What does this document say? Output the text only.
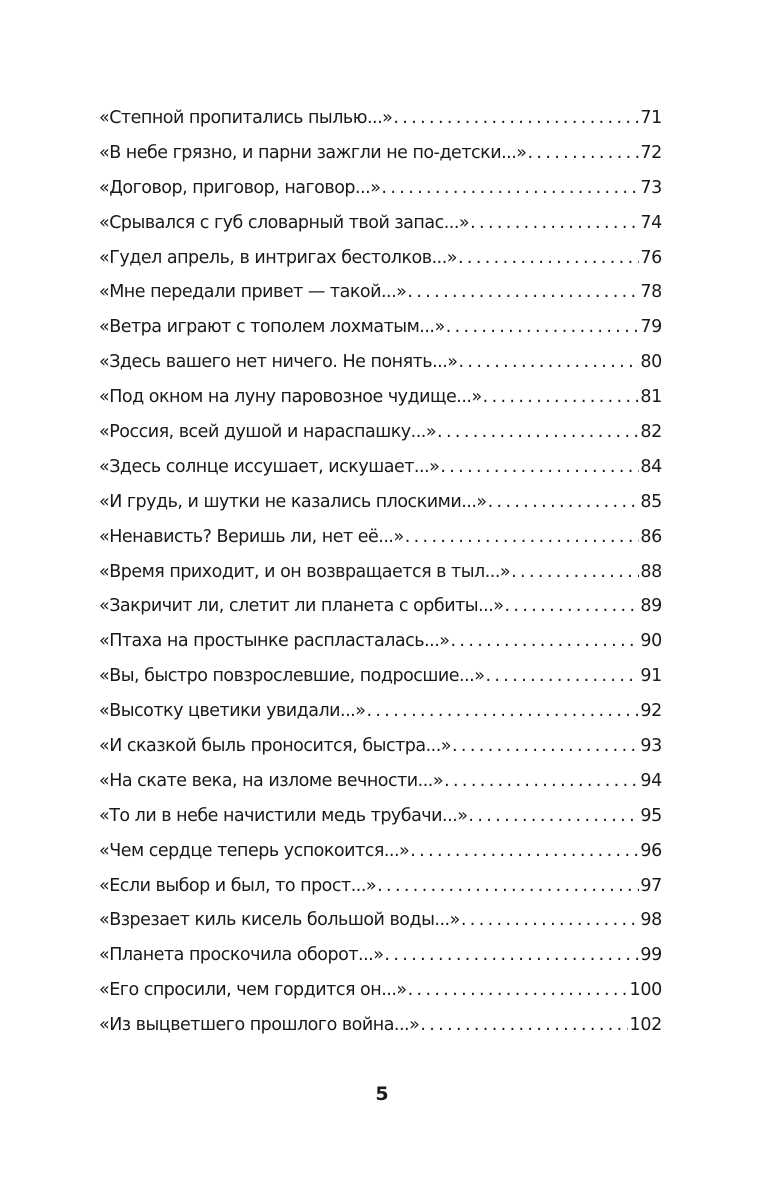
«Степной пропитались пылью...» . . .	71
«В небе грязно, и парни зажгли не по-детски...» . . .	72
«Договор, приговор, наговор...» . . .	73
«Срывался с губ словарный твой запас...» . . .	74
«Гудел апрель, в интригах бестолков...» . . .	76
«Мне передали привет — такой...» . . .	78
«Ветра играют с тополем лохматым...» . . .	79
«Здесь вашего нет ничего. Не понять...» . . .	80
«Под окном на луну паровозное чудище...» . . .	81
«Россия, всей душой и нараспашку...» . . .	82
«Здесь солнце иссушает, искушает...» . . .	84
«И грудь, и шутки не казались плоскими...» . . .	85
«Ненависть? Веришь ли, нет её...» . . .	86
«Время приходит, и он возвращается в тыл...» . . .	88
«Закричит ли, слетит ли планета с орбиты...» . . .	89
«Птаха на простынке распласталась...» . . .	90
«Вы, быстро повзрослевшие, подросшие...» . . .	91
«Высотку цветики увидали...» . . .	92
«И сказкой быль проносится, быстра...» . . .	93
«На скате века, на изломе вечности...» . . .	94
«То ли в небе начистили медь трубачи...» . . .	95
«Чем сердце теперь успокоится...» . . .	96
«Если выбор и был, то прост...» . . .	97
«Взрезает киль кисель большой воды...» . . .	98
«Планета проскочила оборот...» . . .	99
«Его спросили, чем гордится он...» . . .	100
«Из выцветшего прошлого война...» . . .	102
5
